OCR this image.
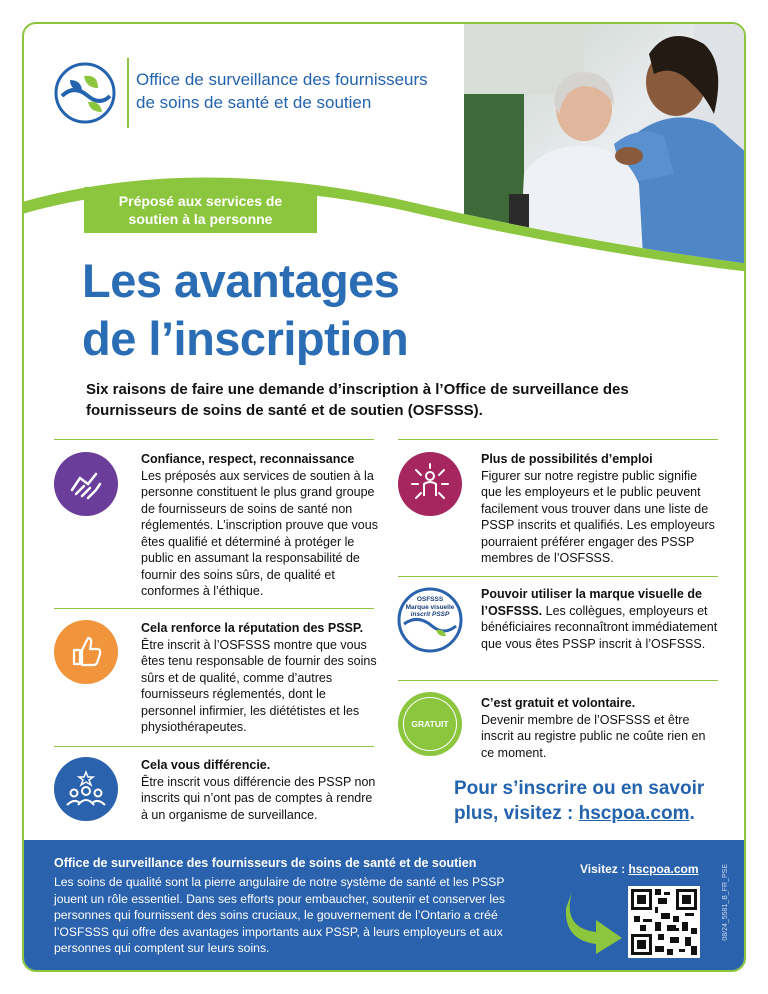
Office de surveillance des fournisseurs
de soins de santé et de soutien
Préposé aux services de
soutien à la personne
Les avantages
de l’inscription
Six raisons de faire une demande d’inscription à l’Office de surveillance des fournisseurs de soins de santé et de soutien (OSFSSS).
Confiance, respect, reconnaissance
Les préposés aux services de soutien à la personne constituent le plus grand groupe de fournisseurs de soins de santé non réglementés. L’inscription prouve que vous êtes qualifié et déterminé à protéger le public en assumant la responsabilité de fournir des soins sûrs, de qualité et conformes à l’éthique.
Cela renforce la réputation des PSSP.
Être inscrit à l’OSFSSS montre que vous êtes tenu responsable de fournir des soins sûrs et de qualité, comme d’autres fournisseurs réglementés, dont le personnel infirmier, les diététistes et les physiothérapeutes.
Cela vous différencie.
Être inscrit vous différencie des PSSP non inscrits qui n’ont pas de comptes à rendre à un organisme de surveillance.
Plus de possibilités d’emploi
Figurer sur notre registre public signifie que les employeurs et le public peuvent facilement vous trouver dans une liste de PSSP inscrits et qualifiés. Les employeurs pourraient préférer engager des PSSP membres de l’OSFSSS.
OSFSSS
Marque visuelle
inscrit PSSP
Pouvoir utiliser la marque visuelle de l’OSFSSS. Les collègues, employeurs et bénéficiaires reconnaîtront immédiatement que vous êtes PSSP inscrit à l’OSFSSS.
GRATUIT
C’est gratuit et volontaire.
Devenir membre de l’OSFSSS et être inscrit au registre public ne coûte rien en ce moment.
Pour s’inscrire ou en savoir
plus, visitez : hscpoa.com.
Office de surveillance des fournisseurs de soins de santé et de soutien
Les soins de qualité sont la pierre angulaire de notre système de santé et les PSSP jouent un rôle essentiel. Dans ses efforts pour embaucher, soutenir et conserver les personnes qui fournissent des soins cruciaux, le gouvernement de l’Ontario a créé l’OSFSSS qui offre des avantages importants aux PSSP, à leurs employeurs et aux personnes qui comptent sur leurs soins.
Visitez : hscpoa.com	08/24_5581_B_FR_PSE
